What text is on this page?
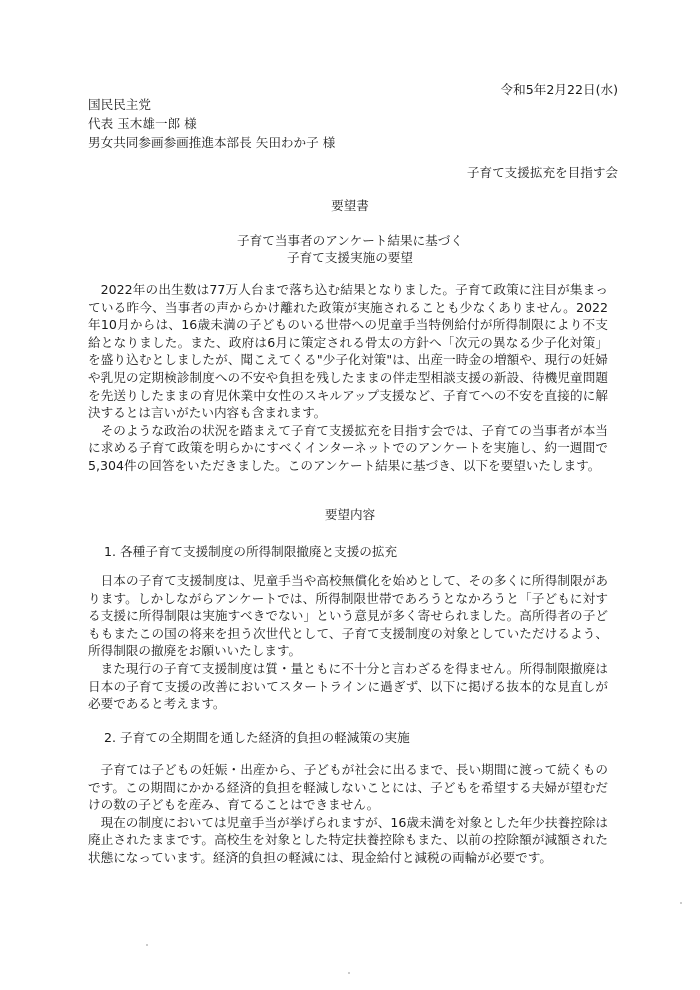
令和5年2月22日(水)
国民民主党
代表 玉木雄一郎 様
男女共同参画参画推進本部長 矢田わか子 様
子育て支援拡充を目指す会
要望書
子育て当事者のアンケート結果に基づく
子育て支援実施の要望

2022年の出生数は77万人台まで落ち込む結果となりました。子育て政策に注目が集まっている昨今、当事者の声からかけ離れた政策が実施されることも少なくありません。2022年10月からは、16歳未満の子どものいる世帯への児童手当特例給付が所得制限により不支給となりました。また、政府は6月に策定される骨太の方針へ「次元の異なる少子化対策」を盛り込むとしましたが、聞こえてくる"少子化対策"は、出産一時金の増額や、現行の妊婦や乳児の定期検診制度への不安や負担を残したままの伴走型相談支援の新設、待機児童問題を先送りしたままの育児休業中女性のスキルアップ支援など、子育てへの不安を直接的に解決するとは言いがたい内容も含まれます。

そのような政治の状況を踏まえて子育て支援拡充を目指す会では、子育ての当事者が本当に求める子育て政策を明らかにすべくインターネットでのアンケートを実施し、約一週間で5,304件の回答をいただきました。このアンケート結果に基づき、以下を要望いたします。

要望内容
1. 各種子育て支援制度の所得制限撤廃と支援の拡充

日本の子育て支援制度は、児童手当や高校無償化を始めとして、その多くに所得制限があります。しかしながらアンケートでは、所得制限世帯であろうとなかろうと「子どもに対する支援に所得制限は実施すべきでない」という意見が多く寄せられました。高所得者の子どももまたこの国の将来を担う次世代として、子育て支援制度の対象としていただけるよう、所得制限の撤廃をお願いいたします。

また現行の子育て支援制度は質・量ともに不十分と言わざるを得ません。所得制限撤廃は日本の子育て支援の改善においてスタートラインに過ぎず、以下に掲げる抜本的な見直しが必要であると考えます。

2. 子育ての全期間を通した経済的負担の軽減策の実施

子育ては子どもの妊娠・出産から、子どもが社会に出るまで、長い期間に渡って続くものです。この期間にかかる経済的負担を軽減しないことには、子どもを希望する夫婦が望むだけの数の子どもを産み、育てることはできません。

現在の制度においては児童手当が挙げられますが、16歳未満を対象とした年少扶養控除は廃止されたままです。高校生を対象とした特定扶養控除もまた、以前の控除額が減額された状態になっています。経済的負担の軽減には、現金給付と減税の両輪が必要です。
